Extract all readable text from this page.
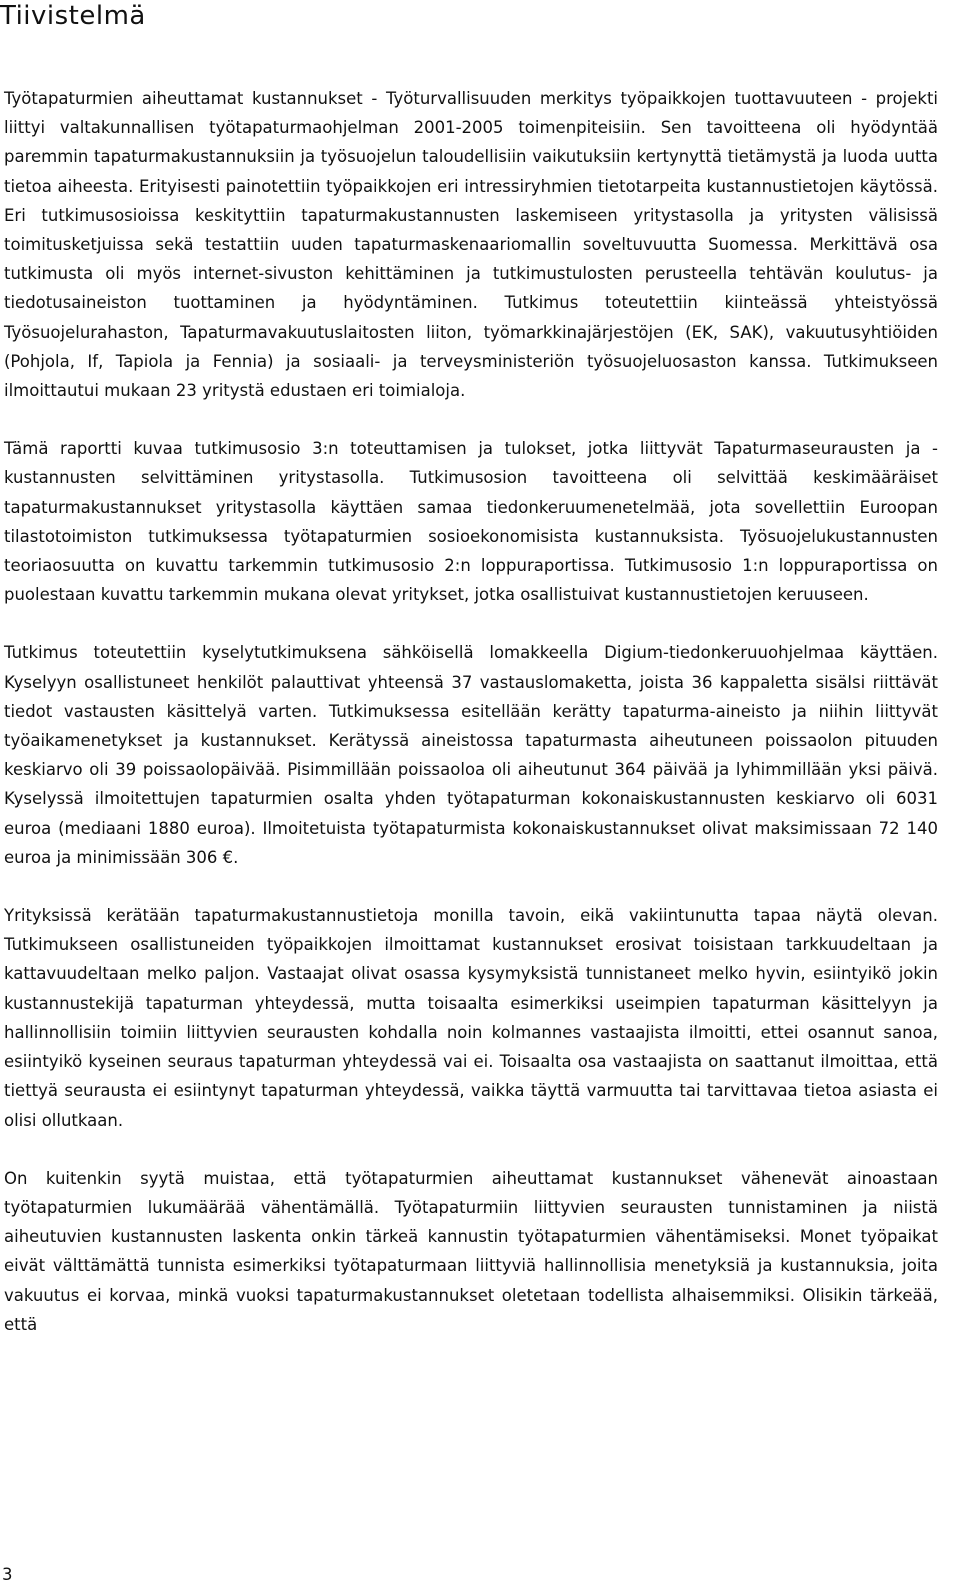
Tiivistelmä

Työtapaturmien aiheuttamat kustannukset - Työturvallisuuden merkitys työpaikkojen tuottavuuteen - projekti liittyi valtakunnallisen työtapaturmaohjelman 2001-2005 toimenpiteisiin. Sen tavoitteena oli hyödyntää paremmin tapaturmakustannuksiin ja työsuojelun taloudellisiin vaikutuksiin kertynyttä tietämystä ja luoda uutta tietoa aiheesta. Erityisesti painotettiin työpaikkojen eri intressiryhmien tietotarpeita kustannustietojen käytössä. Eri tutkimusosioissa keskityttiin tapaturmakustannusten laskemiseen yritystasolla ja yritysten välisissä toimitusketjuissa sekä testattiin uuden tapaturmaskenaariomallin soveltuvuutta Suomessa. Merkittävä osa tutkimusta oli myös internet-sivuston kehittäminen ja tutkimustulosten perusteella tehtävän koulutus- ja tiedotusaineiston tuottaminen ja hyödyntäminen. Tutkimus toteutettiin kiinteässä yhteistyössä Työsuojelurahaston, Tapaturmavakuutuslaitosten liiton, työmarkkinajärjestöjen (EK, SAK), vakuutusyhtiöiden (Pohjola, If, Tapiola ja Fennia) ja sosiaali- ja terveysministeriön työsuojeluosaston kanssa. Tutkimukseen ilmoittautui mukaan 23 yritystä edustaen eri toimialoja.

Tämä raportti kuvaa tutkimusosio 3:n toteuttamisen ja tulokset, jotka liittyvät Tapaturmaseurausten ja -kustannusten selvittäminen yritystasolla. Tutkimusosion tavoitteena oli selvittää keskimääräiset tapaturmakustannukset yritystasolla käyttäen samaa tiedonkeruumenetelmää, jota sovellettiin Euroopan tilastotoimiston tutkimuksessa työtapaturmien sosioekonomisista kustannuksista. Työsuojelukustannusten teoriaosuutta on kuvattu tarkemmin tutkimusosio 2:n loppuraportissa. Tutkimusosio 1:n loppuraportissa on puolestaan kuvattu tarkemmin mukana olevat yritykset, jotka osallistuivat kustannustietojen keruuseen.

Tutkimus toteutettiin kyselytutkimuksena sähköisellä lomakkeella Digium-tiedonkeruuohjelmaa käyttäen. Kyselyyn osallistuneet henkilöt palauttivat yhteensä 37 vastauslomaketta, joista 36 kappaletta sisälsi riittävät tiedot vastausten käsittelyä varten. Tutkimuksessa esitellään kerätty tapaturma-aineisto ja niihin liittyvät työaikamenetykset ja kustannukset. Kerätyssä aineistossa tapaturmasta aiheutuneen poissaolon pituuden keskiarvo oli 39 poissaolopäivää. Pisimmillään poissaoloa oli aiheutunut 364 päivää ja lyhimmillään yksi päivä. Kyselyssä ilmoitettujen tapaturmien osalta yhden työtapaturman kokonaiskustannusten keskiarvo oli 6031 euroa (mediaani 1880 euroa). Ilmoitetuista työtapaturmista kokonaiskustannukset olivat maksimissaan 72 140 euroa ja minimissään 306 €.

Yrityksissä kerätään tapaturmakustannustietoja monilla tavoin, eikä vakiintunutta tapaa näytä olevan. Tutkimukseen osallistuneiden työpaikkojen ilmoittamat kustannukset erosivat toisistaan tarkkuudeltaan ja kattavuudeltaan melko paljon. Vastaajat olivat osassa kysymyksistä tunnistaneet melko hyvin, esiintyikö jokin kustannustekijä tapaturman yhteydessä, mutta toisaalta esimerkiksi useimpien tapaturman käsittelyyn ja hallinnollisiin toimiin liittyvien seurausten kohdalla noin kolmannes vastaajista ilmoitti, ettei osannut sanoa, esiintyikö kyseinen seuraus tapaturman yhteydessä vai ei. Toisaalta osa vastaajista on saattanut ilmoittaa, että tiettyä seurausta ei esiintynyt tapaturman yhteydessä, vaikka täyttä varmuutta tai tarvittavaa tietoa asiasta ei olisi ollutkaan.

On kuitenkin syytä muistaa, että työtapaturmien aiheuttamat kustannukset vähenevät ainoastaan työtapaturmien lukumäärää vähentämällä. Työtapaturmiin liittyvien seurausten tunnistaminen ja niistä aiheutuvien kustannusten laskenta onkin tärkeä kannustin työtapaturmien vähentämiseksi. Monet työpaikat eivät välttämättä tunnista esimerkiksi työtapaturmaan liittyviä hallinnollisia menetyksiä ja kustannuksia, joita vakuutus ei korvaa, minkä vuoksi tapaturmakustannukset oletetaan todellista alhaisemmiksi. Olisikin tärkeää, että

3
